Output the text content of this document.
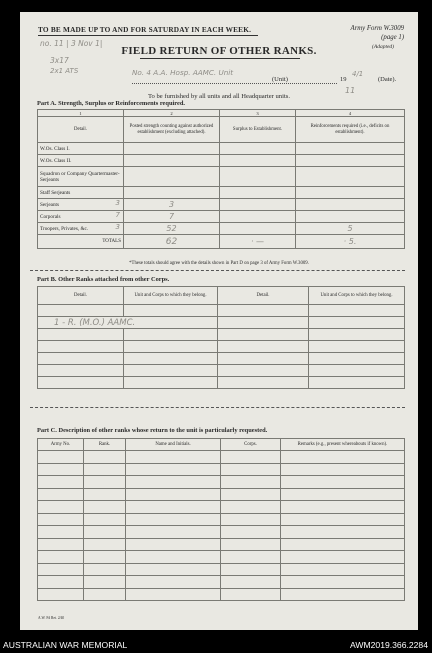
TO BE MADE UP TO AND FOR SATURDAY IN EACH WEEK.	Army Form W.3009
(page 1)
(Adapted)
no. 11 | 3 Nov 1|
3x17
2x1 ATS
FIELD RETURN OF OTHER RANKS.
No. 4 A.A. Hosp. AAMC. Unit
(Unit)	19
4/1
(Date).
To be furnished by all units and all Headquarter units.
11
Part A. Strength, Surplus or Reinforcements required.
1	2	3	4
Detail.	Posted strength counting against authorized establishment (excluding attached).	Surplus to Establishment.	Reinforcements required (i.e., deficits on establishment).
W.Os. Class I.			
W.Os. Class II.			
Squadron or Company Quartermaster-Serjeants			
Staff Serjeants			
Serjeants 3	3		
Corporals 7	7		
Troopers, Privates, &c. 3	52		5
TOTALS	62	· —	· 5.
*These totals should agree with the details shown in Part D on page 3 of Army Form W.3009.
Part B. Other Ranks attached from other Corps.
Detail.	Unit and Corps to which they belong.	Detail.	Unit and Corps to which they belong.

1 - R. (M.O.) AAMC.			

Part C. Description of other ranks whose return to the unit is particularly requested.
Army No.	Rank.	Name and Initials.	Corps.	Remarks (e.g., present whereabouts if known).

A.W. Fd Ret. 2/40
AUSTRALIAN WAR MEMORIAL	AWM2019.366.2284
